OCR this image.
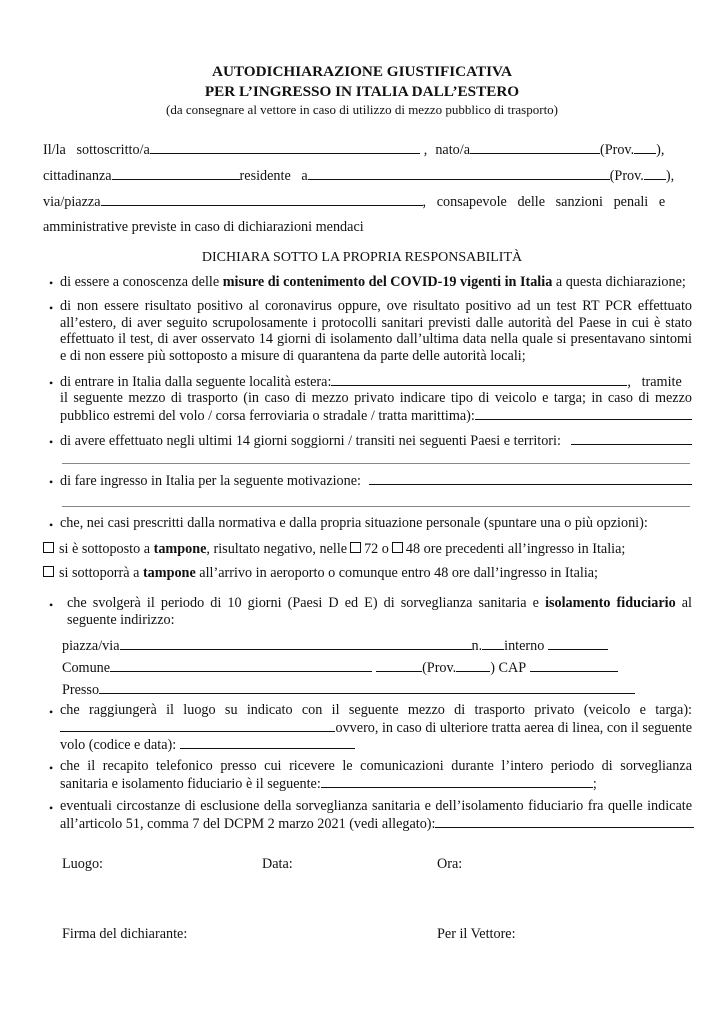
AUTODICHIARAZIONE GIUSTIFICATIVA
PER L’INGRESSO IN ITALIA DALL’ESTERO
(da consegnare al vettore in caso di utilizzo di mezzo pubblico di trasporto)
Il/la   sottoscritto/a	, nato/a	(Prov. ),
cittadinanza	residente   a	(Prov. ),
via/piazza	,   consapevole   delle   sanzioni   penali   e
amministrative previste in caso di dichiarazioni mendaci
DICHIARA SOTTO LA PROPRIA RESPONSABILITÀ
• di essere a conoscenza delle misure di contenimento del COVID-19 vigenti in Italia a questa dichiarazione;
• di non essere risultato positivo al coronavirus oppure, ove risultato positivo ad un test RT PCR effettuato all’estero, di aver seguito scrupolosamente i protocolli sanitari previsti dalle autorità del Paese in cui è stato effettuato il test, di aver osservato 14 giorni di isolamento dall’ultima data nella quale si presentavano sintomi e di non essere più sottoposto a misure di quarantena da parte delle autorità locali;
• di entrare in Italia dalla seguente località estera:	,   tramite
il seguente mezzo di trasporto (in caso di mezzo privato indicare tipo di veicolo e targa; in caso di mezzo
pubblico estremi del volo / corsa ferroviaria o stradale / tratta marittima):
• di avere effettuato negli ultimi 14 giorni soggiorni / transiti nei seguenti Paesi e territori:
• di fare ingresso in Italia per la seguente motivazione:
• che, nei casi prescritti dalla normativa e dalla propria situazione personale (spuntare una o più opzioni):
si è sottoposto a tampone, risultato negativo, nelle 72 o 48 ore precedenti all’ingresso in Italia;
si sottoporrà a tampone all’arrivo in aeroporto o comunque entro 48 ore dall’ingresso in Italia;
• che svolgerà il periodo di 10 giorni (Paesi D ed E) di sorveglianza sanitaria e isolamento fiduciario al
seguente indirizzo:
piazza/via	n. interno
Comune	(Prov. ) CAP
Presso
• che raggiungerà il luogo su indicato con il seguente mezzo di trasporto privato (veicolo e targa):
ovvero, in caso di ulteriore tratta aerea di linea, con il seguente
volo (codice e data):
• che il recapito telefonico presso cui ricevere le comunicazioni durante l’intero periodo di sorveglianza
sanitaria e isolamento fiduciario è il seguente:	;
• eventuali circostanze di esclusione della sorveglianza sanitaria e dell’isolamento fiduciario fra quelle indicate
all’articolo 51, comma 7 del DCPM 2 marzo 2021 (vedi allegato):
Luogo:	Data:	Ora:
Firma del dichiarante:	Per il Vettore:
